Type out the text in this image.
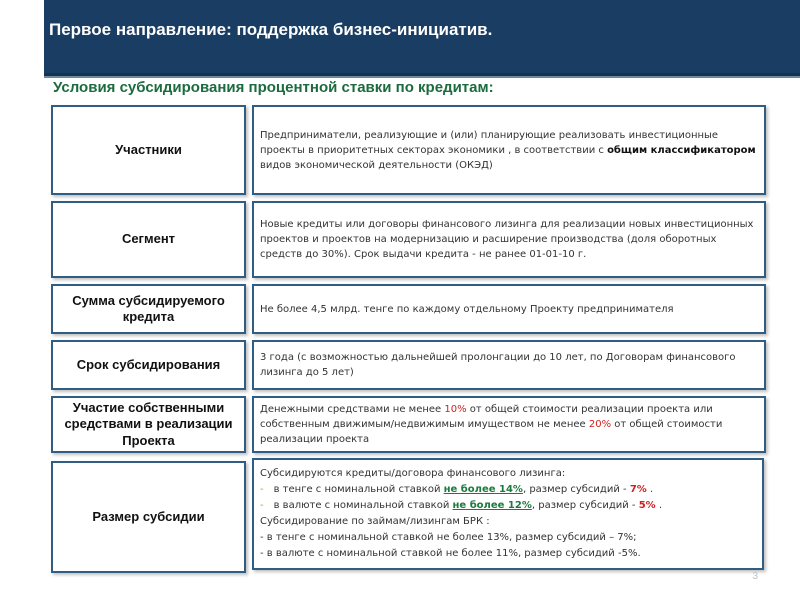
Первое направление: поддержка бизнес-инициатив.
Условия субсидирования процентной ставки по кредитам:
Участники

Предприниматели, реализующие и (или) планирующие реализовать инвестиционные проекты в приоритетных секторах экономики , в соответствии с общим классификатором видов экономической деятельности (ОКЭД)

Сегмент

Новые кредиты или договоры финансового лизинга для реализации новых инвестиционных проектов и проектов на модернизацию и расширение производства (доля оборотных средств до 30%). Срок выдачи кредита - не ранее 01-01-10 г.

Сумма субсидируемого кредита	Не более 4,5 млрд. тенге по каждому отдельному Проекту предпринимателя

Срок субсидирования	3 года (с возможностью дальнейшей пролонгации до 10 лет, по Договорам финансового лизинга до 5 лет)

Участие собственными средствами в реализации Проекта

Денежными средствами не менее 10% от общей стоимости реализации проекта или собственным движимым/недвижимым имуществом не менее 20% от общей стоимости реализации проекта

Размер субсидии

Субсидируются кредиты/договора финансового лизинга:

- в тенге с номинальной ставкой не более 14%, размер субсидий - 7% .

- в валюте с номинальной ставкой не более 12%, размер субсидий - 5% .

Субсидирование по займам/лизингам БРК :

- в тенге с номинальной ставкой не более 13%, размер субсидий – 7%;

- в валюте с номинальной ставкой не более 11%, размер субсидий -5%.

3
